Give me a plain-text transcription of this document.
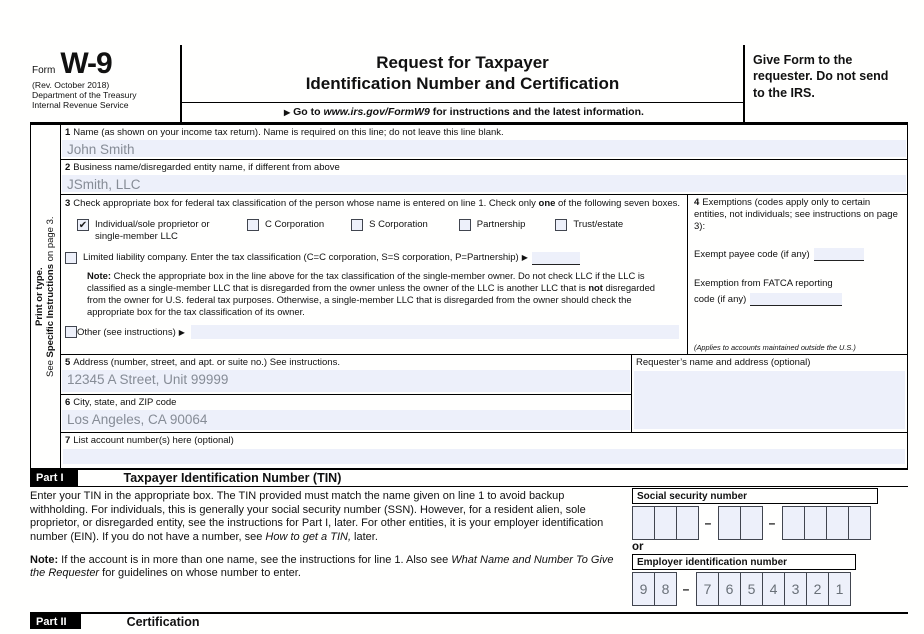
Form W-9
(Rev. October 2018)
Department of the Treasury
Internal Revenue Service
Request for Taxpayer
Identification Number and Certification
▶ Go to www.irs.gov/FormW9 for instructions and the latest information.
Give Form to the requester. Do not send to the IRS.
Print or type.
See Specific Instructions on page 3.
1 Name (as shown on your income tax return). Name is required on this line; do not leave this line blank.
John Smith
2 Business name/disregarded entity name, if different from above
JSmith, LLC
3 Check appropriate box for federal tax classification of the person whose name is entered on line 1. Check only one of the following seven boxes.
✔ Individual/sole proprietor or single-member LLC
C Corporation	S Corporation	Partnership	Trust/estate
Limited liability company. Enter the tax classification (C=C corporation, S=S corporation, P=Partnership) ▶
Note: Check the appropriate box in the line above for the tax classification of the single-member owner. Do not check LLC if the LLC is classified as a single-member LLC that is disregarded from the owner unless the owner of the LLC is another LLC that is not disregarded from the owner for U.S. federal tax purposes. Otherwise, a single-member LLC that is disregarded from the owner should check the appropriate box for the tax classification of its owner.
Other (see instructions) ▶
4 Exemptions (codes apply only to certain entities, not individuals; see instructions on page 3):
Exempt payee code (if any)
Exemption from FATCA reporting
code (if any)
(Applies to accounts maintained outside the U.S.)
5 Address (number, street, and apt. or suite no.) See instructions.
12345 A Street, Unit 99999
6 City, state, and ZIP code
Los Angeles, CA 90064
Requester’s name and address (optional)
7 List account number(s) here (optional)
Part I	Taxpayer Identification Number (TIN)
Enter your TIN in the appropriate box. The TIN provided must match the name given on line 1 to avoid backup withholding. For individuals, this is generally your social security number (SSN). However, for a resident alien, sole proprietor, or disregarded entity, see the instructions for Part I, later. For other entities, it is your employer identification number (EIN). If you do not have a number, see How to get a TIN, later.
Note: If the account is in more than one name, see the instructions for line 1. Also see What Name and Number To Give the Requester for guidelines on whose number to enter.
Social security number
–	–
or
Employer identification number
9	8	–	7	6	5	4	3	2	1
Part II	Certification
